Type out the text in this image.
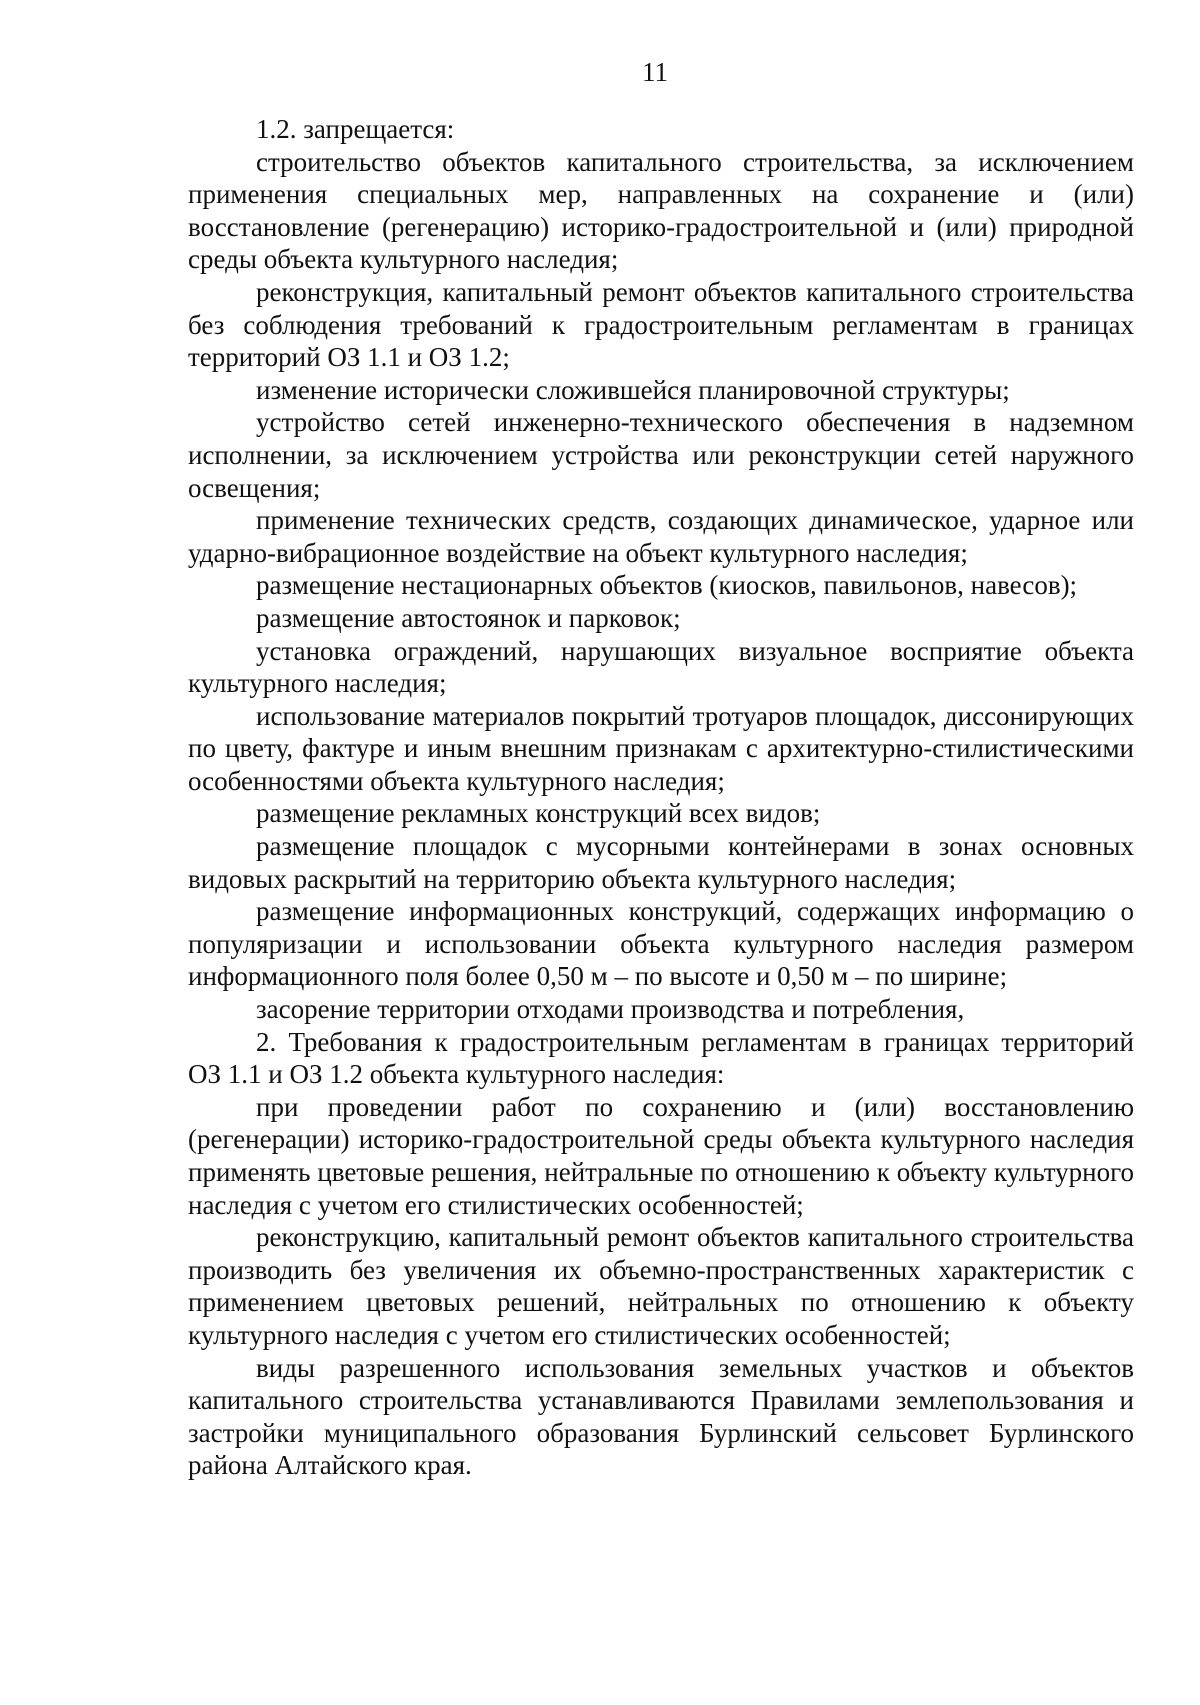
11

1.2. запрещается:

строительство объектов капитального строительства, за исключением применения специальных мер, направленных на сохранение и (или) восстановление (регенерацию) историко-градостроительной и (или) природной среды объекта культурного наследия;

реконструкция, капитальный ремонт объектов капитального строительства без соблюдения требований к градостроительным регламентам в границах территорий ОЗ 1.1 и ОЗ 1.2;

изменение исторически сложившейся планировочной структуры;

устройство сетей инженерно-технического обеспечения в надземном исполнении, за исключением устройства или реконструкции сетей наружного освещения;

применение технических средств, создающих динамическое, ударное или ударно-вибрационное воздействие на объект культурного наследия;

размещение нестационарных объектов (киосков, павильонов, навесов);

размещение автостоянок и парковок;

установка ограждений, нарушающих визуальное восприятие объекта культурного наследия;

использование материалов покрытий тротуаров площадок, диссонирующих по цвету, фактуре и иным внешним признакам с архитектурно-стилистическими особенностями объекта культурного наследия;

размещение рекламных конструкций всех видов;

размещение площадок с мусорными контейнерами в зонах основных видовых раскрытий на территорию объекта культурного наследия;

размещение информационных конструкций, содержащих информацию о популяризации и использовании объекта культурного наследия размером информационного поля более 0,50 м – по высоте и 0,50 м – по ширине;

засорение территории отходами производства и потребления,

2. Требования к градостроительным регламентам в границах территорий ОЗ 1.1 и ОЗ 1.2 объекта культурного наследия:

при проведении работ по сохранению и (или) восстановлению (регенерации) историко-градостроительной среды объекта культурного наследия применять цветовые решения, нейтральные по отношению к объекту культурного наследия с учетом его стилистических особенностей;

реконструкцию, капитальный ремонт объектов капитального строительства производить без увеличения их объемно-пространственных характеристик с применением цветовых решений, нейтральных по отношению к объекту культурного наследия с учетом его стилистических особенностей;

виды разрешенного использования земельных участков и объектов капитального строительства устанавливаются Правилами землепользования и застройки муниципального образования Бурлинский сельсовет Бурлинского района Алтайского края.
